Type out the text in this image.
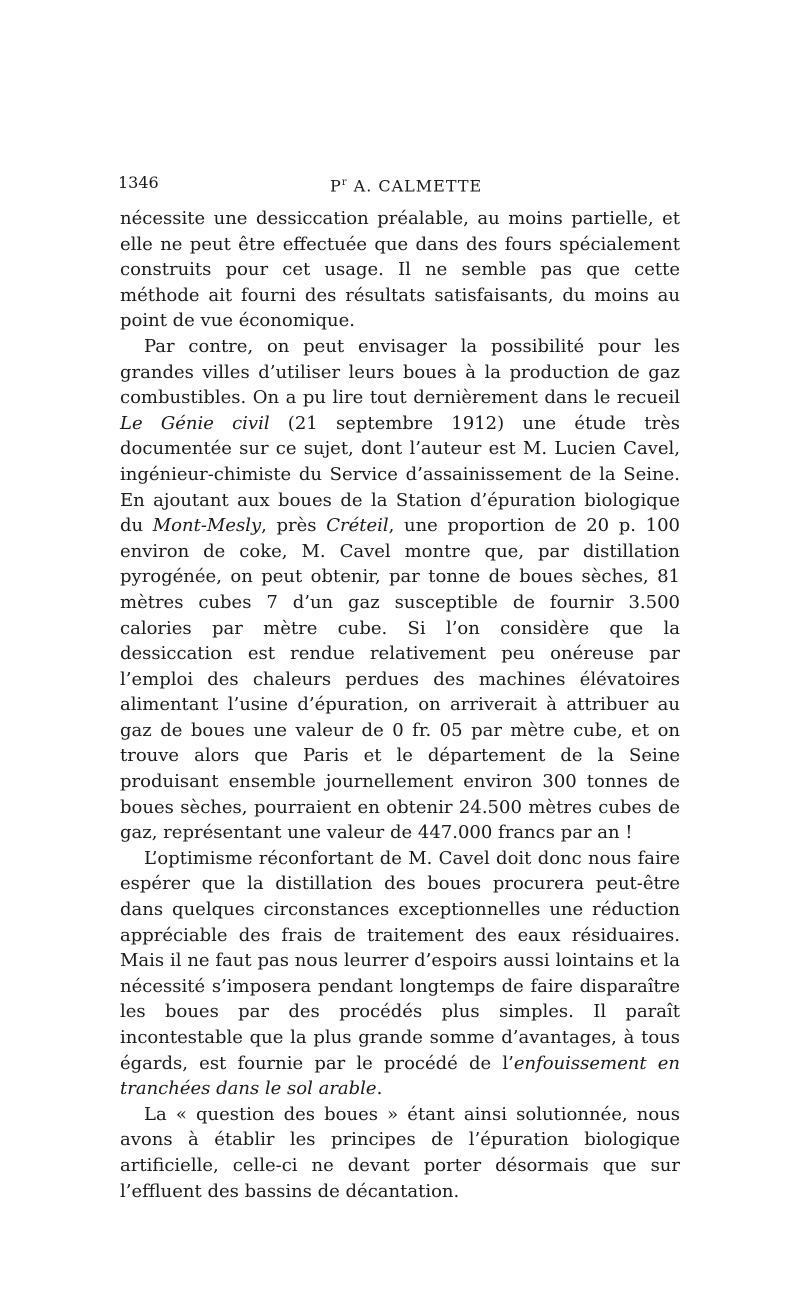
1346	$P^r$ A. CALMETTE

nécessite une dessiccation préalable, au moins partielle, et elle ne peut être effectuée que dans des fours spécialement construits pour cet usage. Il ne semble pas que cette méthode ait fourni des résultats satisfaisants, du moins au point de vue économique.

Par contre, on peut envisager la possibilité pour les grandes villes d’utiliser leurs boues à la production de gaz combustibles. On a pu lire tout dernièrement dans le recueil Le Génie civil (21 septembre 1912) une étude très documentée sur ce sujet, dont l’auteur est M. Lucien Cavel, ingénieur-chimiste du Service d’assainissement de la Seine. En ajoutant aux boues de la Station d’épuration biologique du Mont-Mesly, près Créteil, une proportion de 20 p. 100 environ de coke, M. Cavel montre que, par distillation pyrogénée, on peut obtenir, par tonne de boues sèches, 81 mètres cubes 7 d’un gaz susceptible de fournir 3.500 calories par mètre cube. Si l’on considère que la dessiccation est rendue relativement peu onéreuse par l’emploi des chaleurs perdues des machines élévatoires alimentant l’usine d’épuration, on arriverait à attribuer au gaz de boues une valeur de 0 fr. 05 par mètre cube, et on trouve alors que Paris et le département de la Seine produisant ensemble journellement environ 300 tonnes de boues sèches, pourraient en obtenir 24.500 mètres cubes de gaz, représentant une valeur de 447.000 francs par an !

L’optimisme réconfortant de M. Cavel doit donc nous faire espérer que la distillation des boues procurera peut-être dans quelques circonstances exceptionnelles une réduction appréciable des frais de traitement des eaux résiduaires. Mais il ne faut pas nous leurrer d’espoirs aussi lointains et la nécessité s’imposera pendant longtemps de faire disparaître les boues par des procédés plus simples. Il paraît incontestable que la plus grande somme d’avantages, à tous égards, est fournie par le procédé de l’enfouissement en tranchées dans le sol arable.

La « question des boues » étant ainsi solutionnée, nous avons à établir les principes de l’épuration biologique artificielle, celle-ci ne devant porter désormais que sur l’effluent des bassins de décantation.
